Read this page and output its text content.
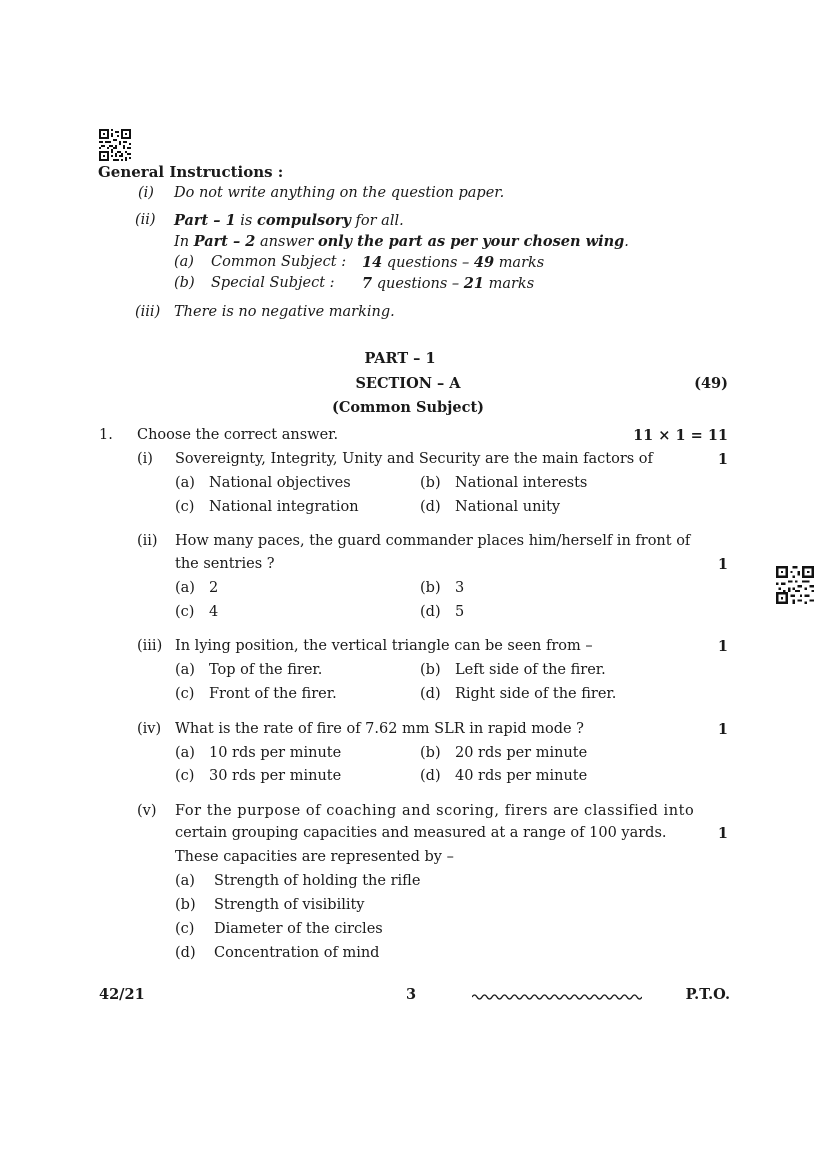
General Instructions :
(i) Do not write anything on the question paper.
(ii) Part – 1 is compulsory for all.
In Part – 2 answer only the part as per your chosen wing.
(a) Common Subject : 14 questions – 49 marks
(b) Special Subject : 7 questions – 21 marks
(iii) There is no negative marking.
PART – 1
SECTION – A	(49)
(Common Subject)
1. Choose the correct answer.	11 × 1 = 11
(i) Sovereignty, Integrity, Unity and Security are the main factors of	1
(a) National objectives	(b) National interests
(c) National integration	(d) National unity
(ii) How many paces, the guard commander places him/herself in front of
the sentries ?	1
(a) 2	(b) 3
(c) 4	(d) 5
(iii) In lying position, the vertical triangle can be seen from –	1
(a) Top of the firer.	(b) Left side of the firer.
(c) Front of the firer.	(d) Right side of the firer.
(iv) What is the rate of fire of 7.62 mm SLR in rapid mode ?	1
(a) 10 rds per minute	(b) 20 rds per minute
(c) 30 rds per minute	(d) 40 rds per minute
(v) For the purpose of coaching and scoring, firers are classified into
certain grouping capacities and measured at a range of 100 yards.	1
These capacities are represented by –
(a) Strength of holding the rifle
(b) Strength of visibility
(c) Diameter of the circles
(d) Concentration of mind
42/21	3	P.T.O.
